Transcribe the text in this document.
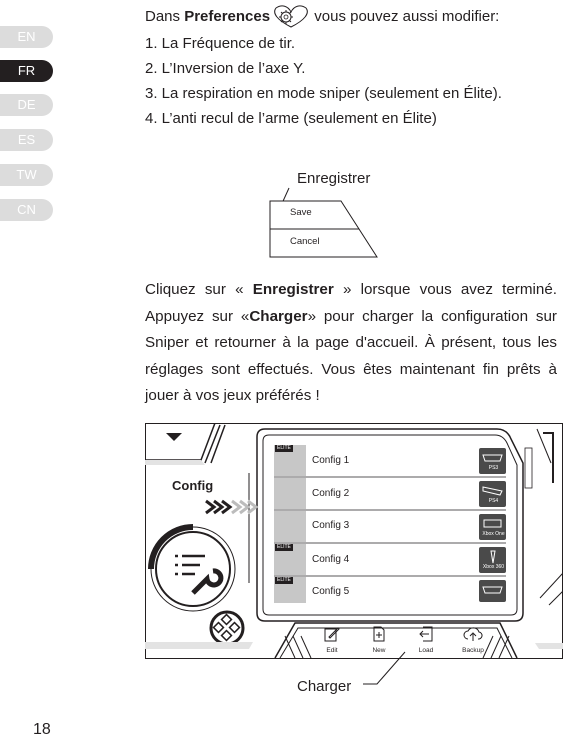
EN
FR
DE
ES
TW
CN
Dans Preferences	vous pouvez aussi modifier:
1. La Fréquence de tir.
2. L’Inversion de l’axe Y.
3. La respiration en mode sniper (seulement en Élite).
4. L’anti recul de l’arme (seulement en Élite)
Enregistrer
Save
Cancel

Cliquez sur « Enregistrer » lorsque vous avez terminé. Appuyez sur «Charger» pour charger la configuration sur Sniper et retourner à la page d'accueil. À présent, tous les réglages sont effectués. Vous êtes maintenant fin prêts à jouer à vos jeux préférés !

ELITE
ELITE
ELITE
Config 1
Config 2
Config 3
Config 4
Config 5
PS3
PS4
Xbox One
Xbox 360
Config
Edit	New	Load	Backup
Charger
18
